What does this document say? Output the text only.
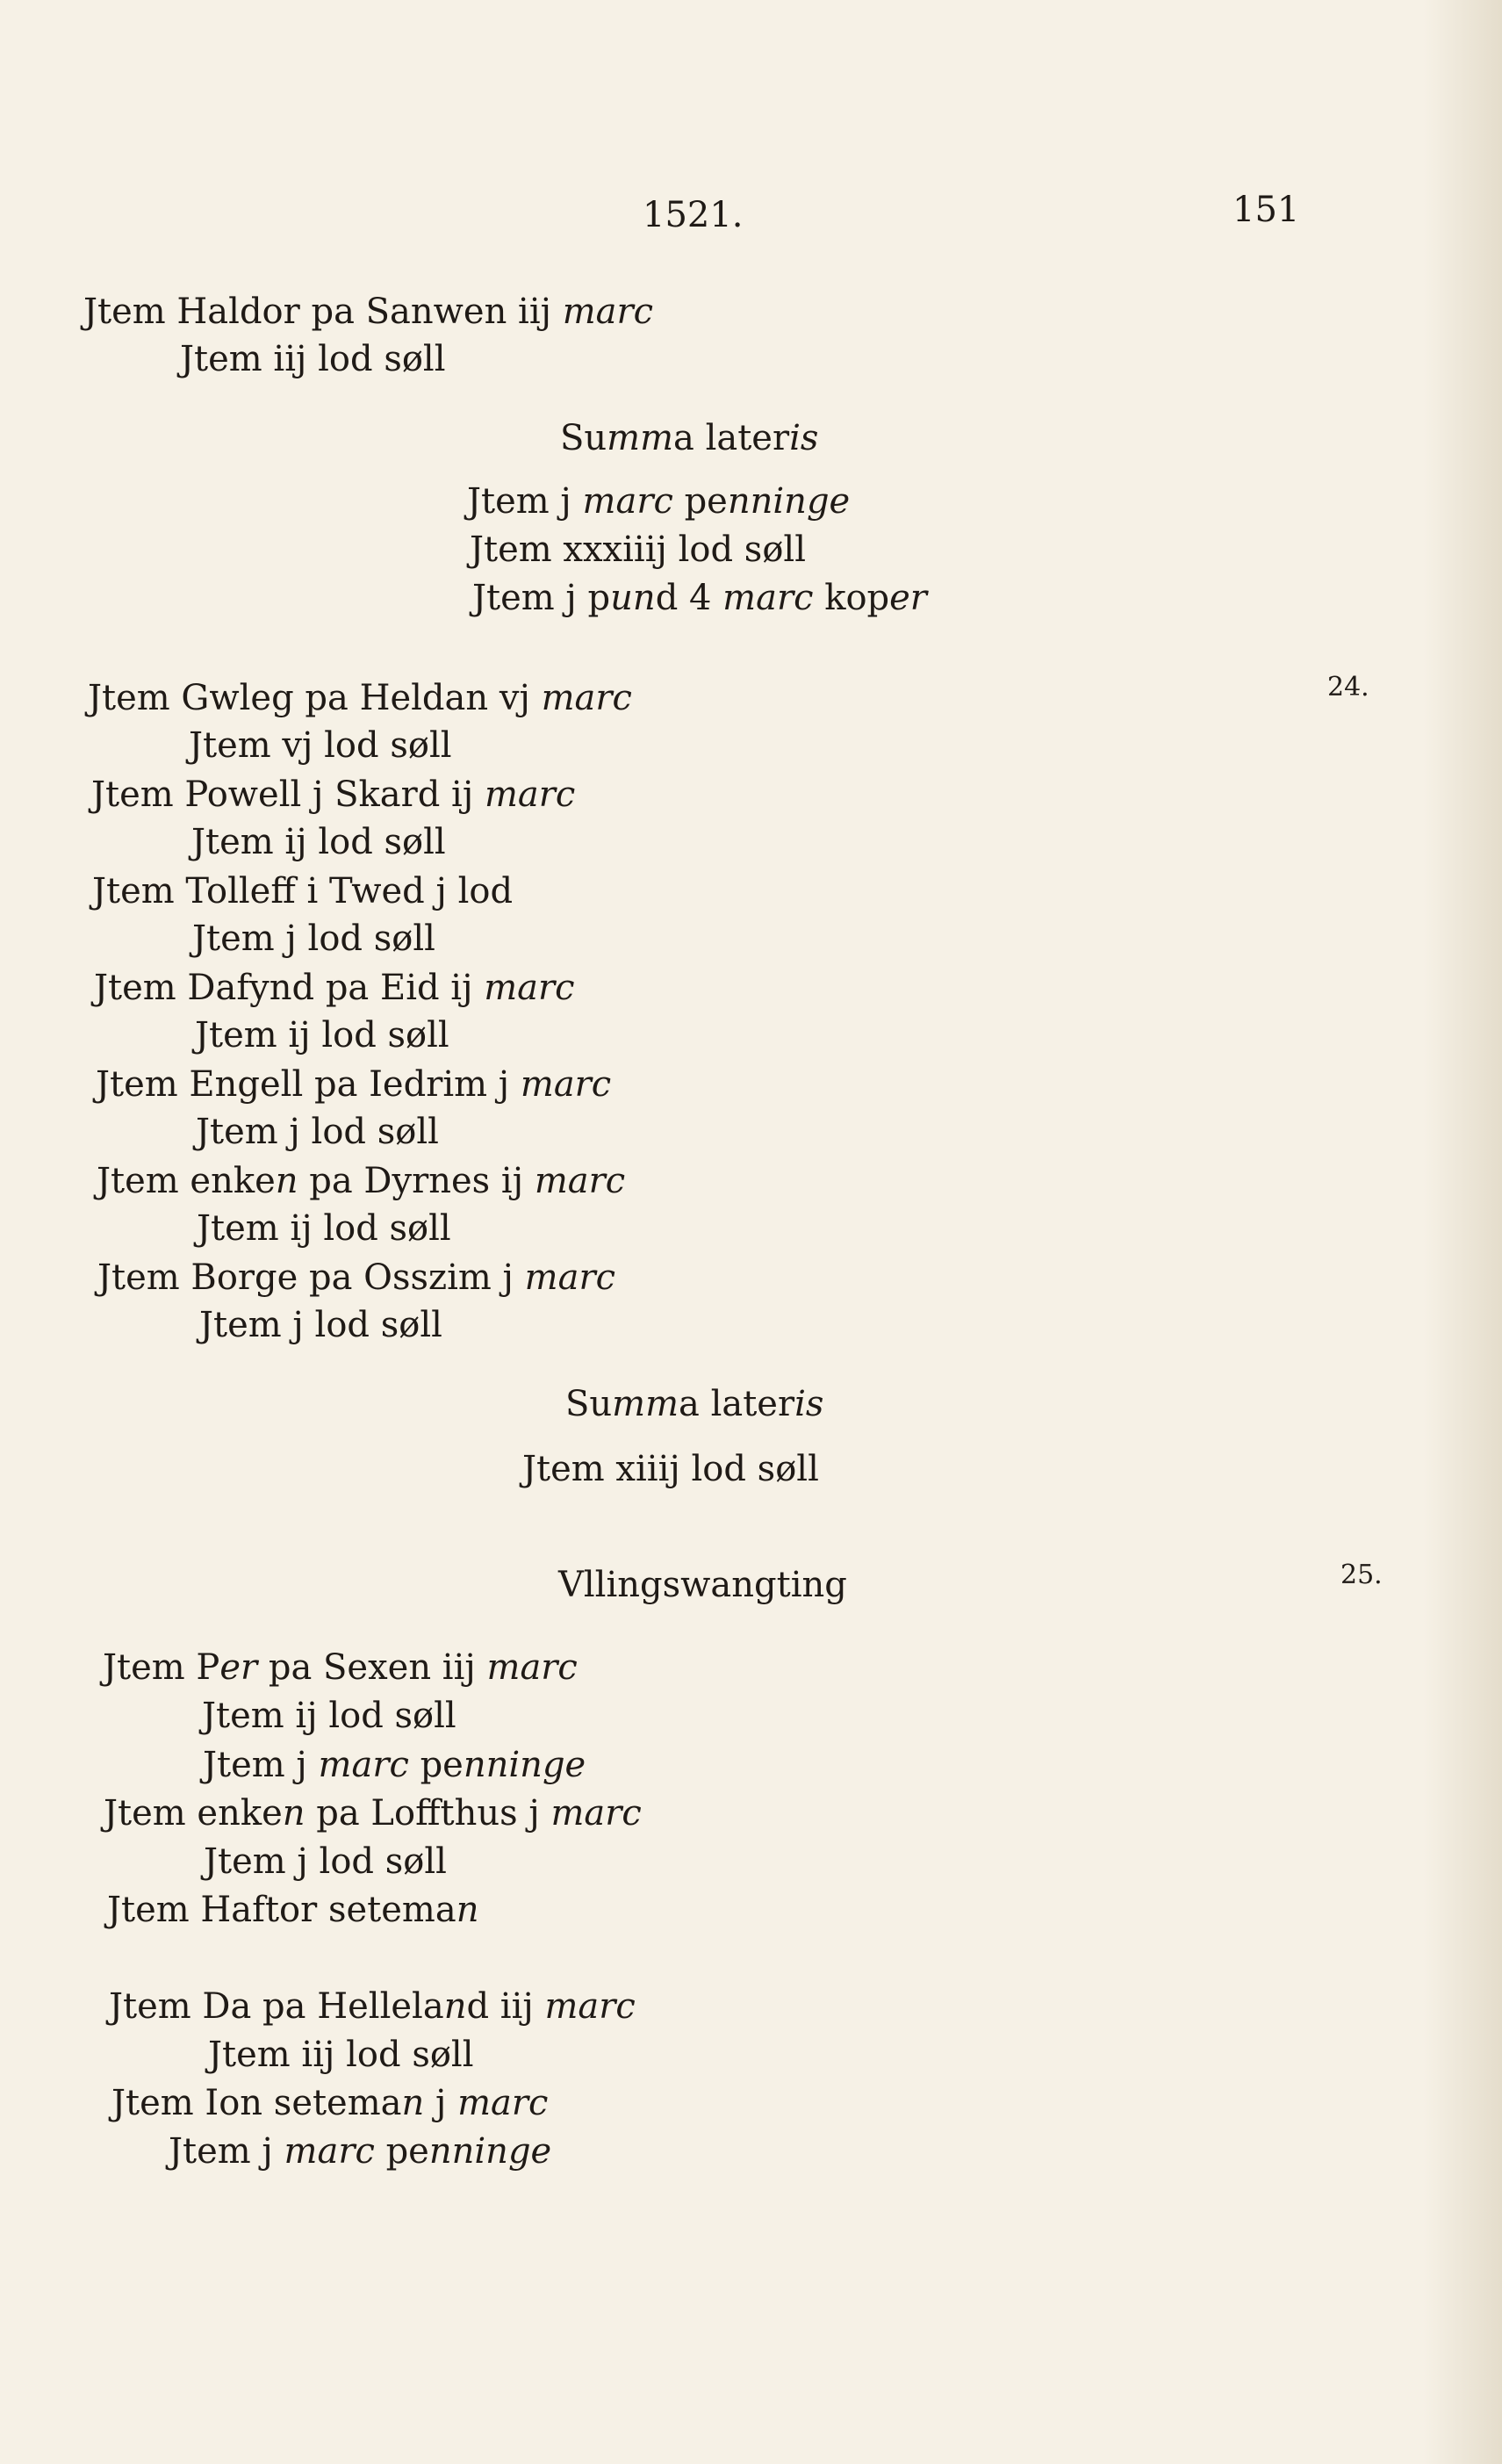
1521.	151
24.
25.
Jtem Haldor pa Sanwen iij marc
Jtem iij lod søll
Summa lateris
Jtem j marc penninge
Jtem xxxiiij lod søll
Jtem j pund 4 marc koper
Jtem Gwleg pa Heldan vj marc
Jtem vj lod søll
Jtem Powell j Skard ij marc
Jtem ij lod søll
Jtem Tolleff i Twed j lod
Jtem j lod søll
Jtem Dafynd pa Eid ij marc
Jtem ij lod søll
Jtem Engell pa Iedrim j marc
Jtem j lod søll
Jtem enken pa Dyrnes ij marc
Jtem ij lod søll
Jtem Borge pa Osszim j marc
Jtem j lod søll
Summa lateris
Jtem xiiij lod søll
Vllingswangting
Jtem Per pa Sexen iij marc
Jtem ij lod søll
Jtem j marc penninge
Jtem enken pa Loffthus j marc
Jtem j lod søll
Jtem Haftor seteman
Jtem Da pa Helleland iij marc
Jtem iij lod søll
Jtem Ion seteman j marc
Jtem j marc penninge
